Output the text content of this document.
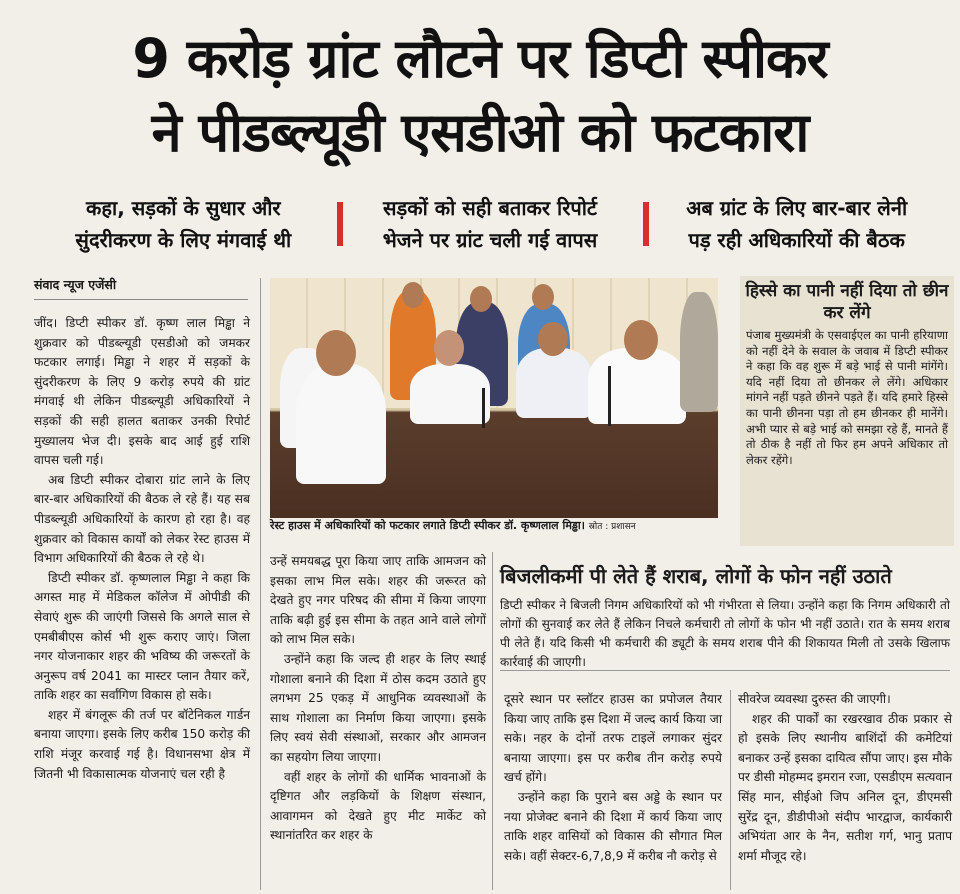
9 करोड़ ग्रांट लौटने पर डिप्टी स्पीकर
ने पीडब्ल्यूडी एसडीओ को फटकारा
कहा, सड़कों के सुधार और
सुंदरीकरण के लिए मंगवाई थी
सड़कों को सही बताकर रिपोर्ट
भेजने पर ग्रांट चली गई वापस
अब ग्रांट के लिए बार-बार लेनी
पड़ रही अधिकारियों की बैठक
संवाद न्यूज एजेंसी

जींद। डिप्टी स्पीकर डॉ. कृष्ण लाल मिड्ढा ने शुक्रवार को पीडब्ल्यूडी एसडीओ को जमकर फटकार लगाई। मिड्ढा ने शहर में सड़कों के सुंदरीकरण के लिए 9 करोड़ रुपये की ग्रांट मंगवाई थी लेकिन पीडब्ल्यूडी अधिकारियों ने सड़कों की सही हालत बताकर उनकी रिपोर्ट मुख्यालय भेज दी। इसके बाद आई हुई राशि वापस चली गई।

अब डिप्टी स्पीकर दोबारा ग्रांट लाने के लिए बार-बार अधिकारियों की बैठक ले रहे हैं। यह सब पीडब्ल्यूडी अधिकारियों के कारण हो रहा है। वह शुक्रवार को विकास कार्यों को लेकर रेस्ट हाउस में विभाग अधिकारियों की बैठक ले रहे थे।

डिप्टी स्पीकर डॉ. कृष्णलाल मिड्ढा ने कहा कि अगस्त माह में मेडिकल कॉलेज में ओपीडी की सेवाएं शुरू की जाएंगी जिससे कि अगले साल से एमबीबीएस कोर्स भी शुरू कराए जाएं। जिला नगर योजनाकार शहर की भविष्य की जरूरतों के अनुरूप वर्ष 2041 का मास्टर प्लान तैयार करें, ताकि शहर का सर्वांगिण विकास हो सके।

शहर में बंगलूरू की तर्ज पर बॉटेनिकल गार्डन बनाया जाएगा। इसके लिए करीब 150 करोड़ की राशि मंजूर करवाई गई है। विधानसभा क्षेत्र में जितनी भी विकासात्मक योजनाएं चल रही है

रेस्ट हाउस में अधिकारियों को फटकार लगाते डिप्टी स्पीकर डॉ. कृष्णलाल मिड्ढा। स्रोत : प्रशासन
हिस्से का पानी नहीं दिया तो छीन कर लेंगे
पंजाब मुख्यमंत्री के एसवाईएल का पानी हरियाणा को नहीं देने के सवाल के जवाब में डिप्टी स्पीकर ने कहा कि वह शुरू में बड़े भाई से पानी मांगेंगे। यदि नहीं दिया तो छीनकर ले लेंगे। अधिकार मांगने नहीं पड़ते छीनने पड़ते हैं। यदि हमारे हिस्से का पानी छीनना पड़ा तो हम छीनकर ही मानेंगे। अभी प्यार से बड़े भाई को समझा रहे हैं, मानते हैं तो ठीक है नहीं तो फिर हम अपने अधिकार तो लेकर रहेंगे।

उन्हें समयबद्ध पूरा किया जाए ताकि आमजन को इसका लाभ मिल सके। शहर की जरूरत को देखते हुए नगर परिषद की सीमा में किया जाएगा ताकि बढ़ी हुई इस सीमा के तहत आने वाले लोगों को लाभ मिल सके।

उन्होंने कहा कि जल्द ही शहर के लिए स्थाई गोशाला बनाने की दिशा में ठोस कदम उठाते हुए लगभग 25 एकड़ में आधुनिक व्यवस्थाओं के साथ गोशाला का निर्माण किया जाएगा। इसके लिए स्वयं सेवी संस्थाओं, सरकार और आमजन का सहयोग लिया जाएगा।

वहीं शहर के लोगों की धार्मिक भावनाओं के दृष्टिगत और लड़कियों के शिक्षण संस्थान, आवागमन को देखते हुए मीट मार्केट को स्थानांतरित कर शहर के

बिजलीकर्मी पी लेते हैं शराब, लोगों के फोन नहीं उठाते
डिप्टी स्पीकर ने बिजली निगम अधिकारियों को भी गंभीरता से लिया। उन्होंने कहा कि निगम अधिकारी तो लोगों की सुनवाई कर लेते हैं लेकिन निचले कर्मचारी तो लोगों के फोन भी नहीं उठाते। रात के समय शराब पी लेते हैं। यदि किसी भी कर्मचारी की ड्यूटी के समय शराब पीने की शिकायत मिली तो उसके खिलाफ कार्रवाई की जाएगी।

दूसरे स्थान पर स्लॉटर हाउस का प्रपोजल तैयार किया जाए ताकि इस दिशा में जल्द कार्य किया जा सके। नहर के दोनों तरफ टाइलें लगाकर सुंदर बनाया जाएगा। इस पर करीब तीन करोड़ रुपये खर्च होंगे।

उन्होंने कहा कि पुराने बस अड्डे के स्थान पर नया प्रोजेक्ट बनाने की दिशा में कार्य किया जाए ताकि शहर वासियों को विकास की सौगात मिल सके। वहीं सेक्टर-6,7,8,9 में करीब नौ करोड़ से

सीवरेज व्यवस्था दुरुस्त की जाएगी।

शहर की पार्कों का रखरखाव ठीक प्रकार से हो इसके लिए स्थानीय बाशिंदों की कमेटियां बनाकर उन्हें इसका दायित्व सौंपा जाए। इस मौके पर डीसी मोहम्मद इमरान रजा, एसडीएम सत्यवान सिंह मान, सीईओ जिप अनिल दून, डीएमसी सुरेंद्र दून, डीडीपीओ संदीप भारद्वाज, कार्यकारी अभियंता आर के नैन, सतीश गर्ग, भानु प्रताप शर्मा मौजूद रहे।
